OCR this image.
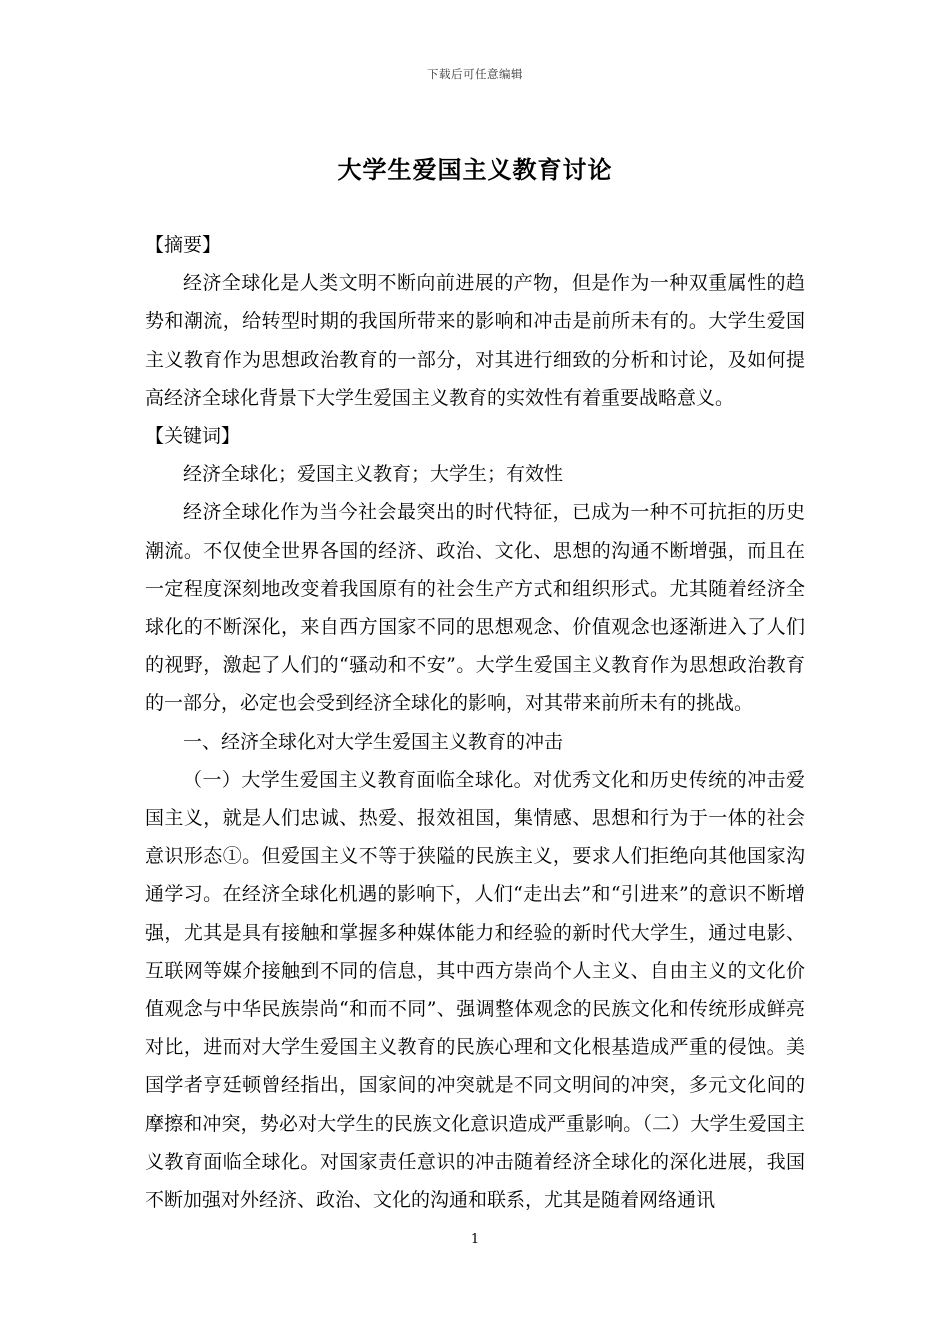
下载后可任意编辑
大学生爱国主义教育讨论

【摘要】

经济全球化是人类文明不断向前进展的产物，但是作为一种双重属性的趋势和潮流，给转型时期的我国所带来的影响和冲击是前所未有的。大学生爱国主义教育作为思想政治教育的一部分，对其进行细致的分析和讨论，及如何提高经济全球化背景下大学生爱国主义教育的实效性有着重要战略意义。

【关键词】

经济全球化；爱国主义教育；大学生；有效性

经济全球化作为当今社会最突出的时代特征，已成为一种不可抗拒的历史潮流。不仅使全世界各国的经济、政治、文化、思想的沟通不断增强，而且在一定程度深刻地改变着我国原有的社会生产方式和组织形式。尤其随着经济全球化的不断深化，来自西方国家不同的思想观念、价值观念也逐渐进入了人们的视野，激起了人们的“骚动和不安”。大学生爱国主义教育作为思想政治教育的一部分，必定也会受到经济全球化的影响，对其带来前所未有的挑战。

一、经济全球化对大学生爱国主义教育的冲击

（一）大学生爱国主义教育面临全球化。对优秀文化和历史传统的冲击爱国主义，就是人们忠诚、热爱、报效祖国，集情感、思想和行为于一体的社会意识形态①。但爱国主义不等于狭隘的民族主义，要求人们拒绝向其他国家沟通学习。在经济全球化机遇的影响下，人们“走出去”和“引进来”的意识不断增强，尤其是具有接触和掌握多种媒体能力和经验的新时代大学生，通过电影、互联网等媒介接触到不同的信息，其中西方崇尚个人主义、自由主义的文化价值观念与中华民族崇尚“和而不同”、强调整体观念的民族文化和传统形成鲜亮对比，进而对大学生爱国主义教育的民族心理和文化根基造成严重的侵蚀。美国学者亨廷顿曾经指出，国家间的冲突就是不同文明间的冲突，多元文化间的摩擦和冲突，势必对大学生的民族文化意识造成严重影响。（二）大学生爱国主义教育面临全球化。对国家责任意识的冲击随着经济全球化的深化进展，我国不断加强对外经济、政治、文化的沟通和联系，尤其是随着网络通讯

1
